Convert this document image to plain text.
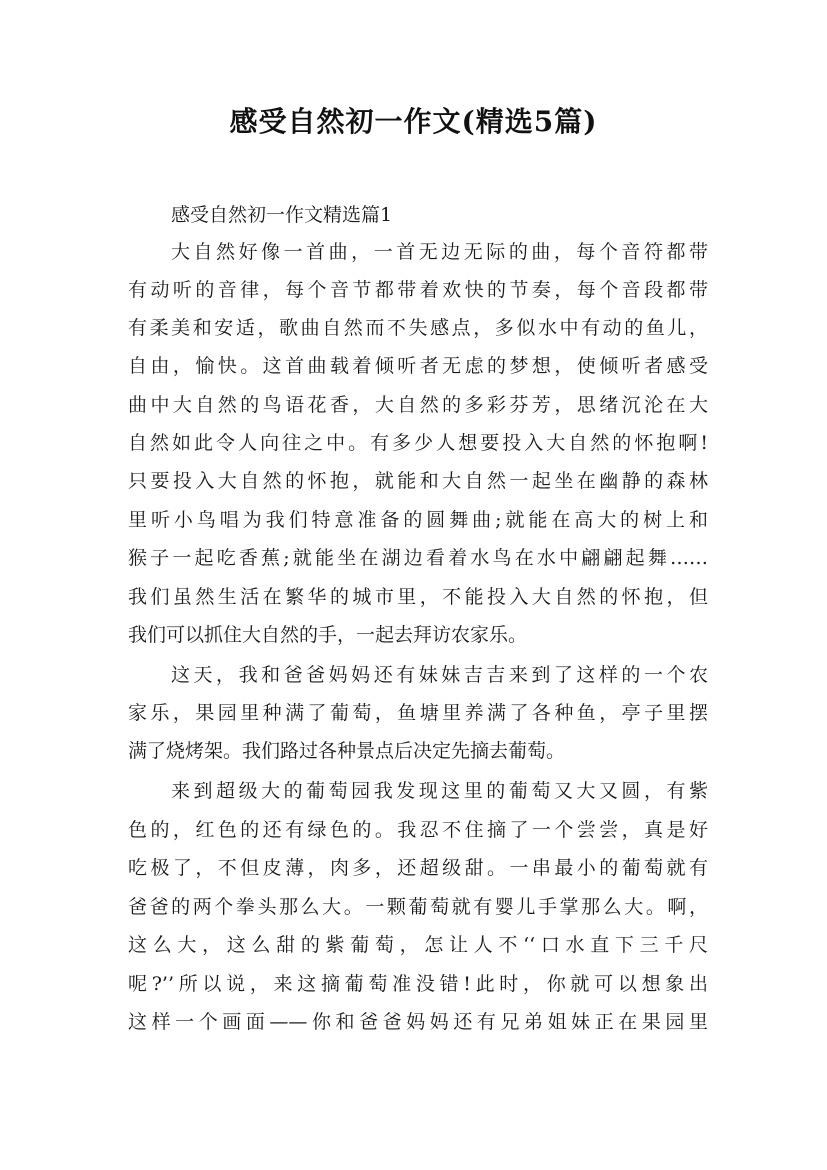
感受自然初一作文(精选5篇)
感受自然初一作文精选篇1
大自然好像一首曲，一首无边无际的曲，每个音符都带
有动听的音律，每个音节都带着欢快的节奏，每个音段都带
有柔美和安适，歌曲自然而不失感点，多似水中有动的鱼儿，
自由，愉快。这首曲载着倾听者无虑的梦想，使倾听者感受
曲中大自然的鸟语花香，大自然的多彩芬芳，思绪沉沦在大
自然如此令人向往之中。有多少人想要投入大自然的怀抱啊!
只要投入大自然的怀抱，就能和大自然一起坐在幽静的森林
里听小鸟唱为我们特意准备的圆舞曲;就能在高大的树上和
猴子一起吃香蕉;就能坐在湖边看着水鸟在水中翩翩起舞……
我们虽然生活在繁华的城市里，不能投入大自然的怀抱，但
我们可以抓住大自然的手，一起去拜访农家乐。
这天，我和爸爸妈妈还有妹妹吉吉来到了这样的一个农
家乐，果园里种满了葡萄，鱼塘里养满了各种鱼，亭子里摆
满了烧烤架。我们路过各种景点后决定先摘去葡萄。
来到超级大的葡萄园我发现这里的葡萄又大又圆，有紫
色的，红色的还有绿色的。我忍不住摘了一个尝尝，真是好
吃极了，不但皮薄，肉多，还超级甜。一串最小的葡萄就有
爸爸的两个拳头那么大。一颗葡萄就有婴儿手掌那么大。啊，
这么大，这么甜的紫葡萄，怎让人不‘‘口水直下三千尺
呢?’’所以说，来这摘葡萄准没错!此时，你就可以想象出
这样一个画面——你和爸爸妈妈还有兄弟姐妹正在果园里
